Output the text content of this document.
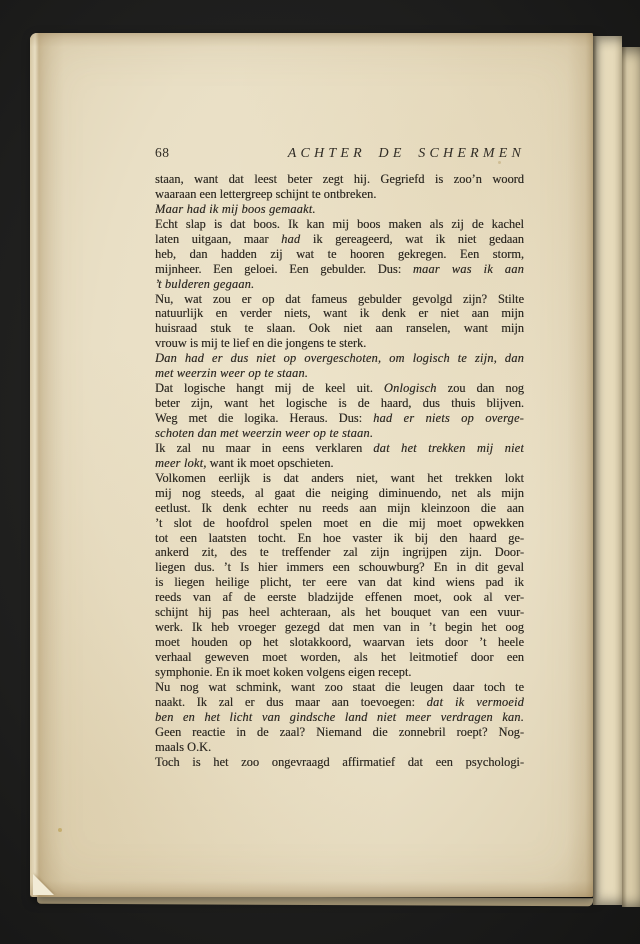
68	ACHTER DE SCHERMEN
staan, want dat leest beter zegt hij. Gegriefd is zoo’n woord
waaraan een lettergreep schijnt te ontbreken.
Maar had ik mij boos gemaakt.
Echt slap is dat boos. Ik kan mij boos maken als zij de kachel
laten uitgaan, maar had ik gereageerd, wat ik niet gedaan
heb, dan hadden zij wat te hooren gekregen. Een storm,
mijnheer. Een geloei. Een gebulder. Dus: maar was ik aan
’t bulderen gegaan.
Nu, wat zou er op dat fameus gebulder gevolgd zijn? Stilte
natuurlijk en verder niets, want ik denk er niet aan mijn
huisraad stuk te slaan. Ook niet aan ranselen, want mijn
vrouw is mij te lief en die jongens te sterk.
Dan had er dus niet op overgeschoten, om logisch te zijn, dan
met weerzin weer op te staan.
Dat logische hangt mij de keel uit. Onlogisch zou dan nog
beter zijn, want het logische is de haard, dus thuis blijven.
Weg met die logika. Heraus. Dus: had er niets op overge-
schoten dan met weerzin weer op te staan.
Ik zal nu maar in eens verklaren dat het trekken mij niet
meer lokt, want ik moet opschieten.
Volkomen eerlijk is dat anders niet, want het trekken lokt
mij nog steeds, al gaat die neiging diminuendo, net als mijn
eetlust. Ik denk echter nu reeds aan mijn kleinzoon die aan
’t slot de hoofdrol spelen moet en die mij moet opwekken
tot een laatsten tocht. En hoe vaster ik bij den haard ge-
ankerd zit, des te treffender zal zijn ingrijpen zijn. Door-
liegen dus. ’t Is hier immers een schouwburg? En in dit geval
is liegen heilige plicht, ter eere van dat kind wiens pad ik
reeds van af de eerste bladzijde effenen moet, ook al ver-
schijnt hij pas heel achteraan, als het bouquet van een vuur-
werk. Ik heb vroeger gezegd dat men van in ’t begin het oog
moet houden op het slotakkoord, waarvan iets door ’t heele
verhaal geweven moet worden, als het leitmotief door een
symphonie. En ik moet koken volgens eigen recept.
Nu nog wat schmink, want zoo staat die leugen daar toch te
naakt. Ik zal er dus maar aan toevoegen: dat ik vermoeid
ben en het licht van gindsche land niet meer verdragen kan.
Geen reactie in de zaal? Niemand die zonnebril roept? Nog-
maals O.K.
Toch is het zoo ongevraagd affirmatief dat een psychologi-
